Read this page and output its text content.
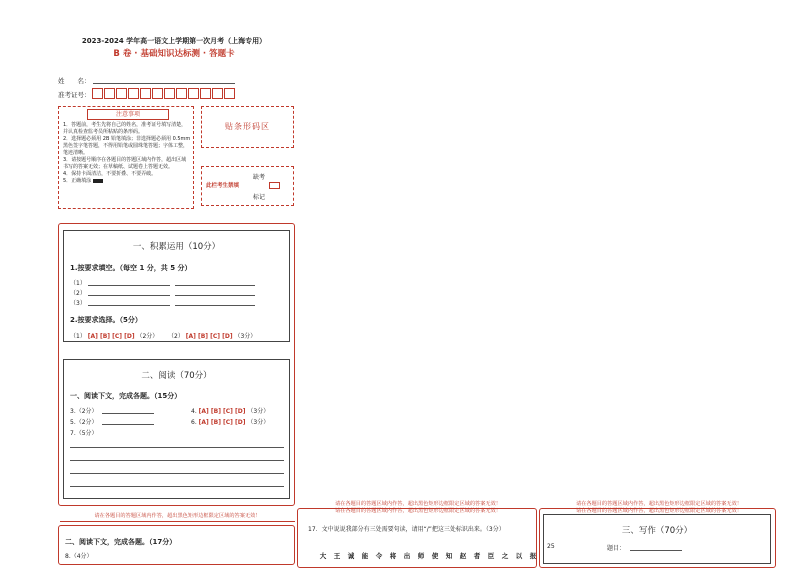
2023-2024 学年高一语文上学期第一次月考（上海专用）
B 卷 · 基础知识达标测 · 答题卡
姓　　名：
准考证号：
注意事项
1．答题前，考生先将自己的姓名，准考证号填写清楚，并认真检查监考员所粘贴的条形码。
2．选择题必须用 2B 铅笔填涂；非选择题必须用 0.5mm 黑色签字笔答题，不得用铅笔或圆珠笔答题；字体工整，笔迹清晰。
3．请按题号顺序在各题目的答题区域内作答，超出区域书写的答案无效；在草稿纸、试题卷上答题无效。
4．保持卡面清洁，不要折叠、不要弄破。
5．正确填涂
贴条形码区
缺考
此栏考生禁填
标记
一、积累运用（10分）
1.按要求填空。（每空 1 分，共 5 分）
（1）
（2）
（3）
2.按要求选择。（5分）
（1） [A] [B] [C] [D] （2分） （2） [A] [B] [C] [D] （3分）
二、阅读（70分）
一、阅读下文，完成各题。（15分）
3.（2分）	4. [A] [B] [C] [D] （3分）
5.（2分）	6. [A] [B] [C] [D] （3分）
7.（5分）
请在各题目的答题区域内作答，超出黑色矩形边框限定区域的答案无效！
二、阅读下文，完成各题。（17分）
8.（4分）
请在各题目的答题区域内作答，超出黑色矩形边框限定区域的答案无效！
请在各题目的答题区域内作答，超出黑色矩形边框限定区域的答案无效！
17．文中说说我部分有三处需要句读，请用“/”把这三处标识出来。（3分）
大 王 诚 能 令 将 出 师 使 知 赵 者 臣 之 以 报
请在各题目的答题区域内作答，超出黑色矩形边框限定区域的答案无效！
请在各题目的答题区域内作答，超出黑色矩形边框限定区域的答案无效！
三、写作（70分）
25	题目：
